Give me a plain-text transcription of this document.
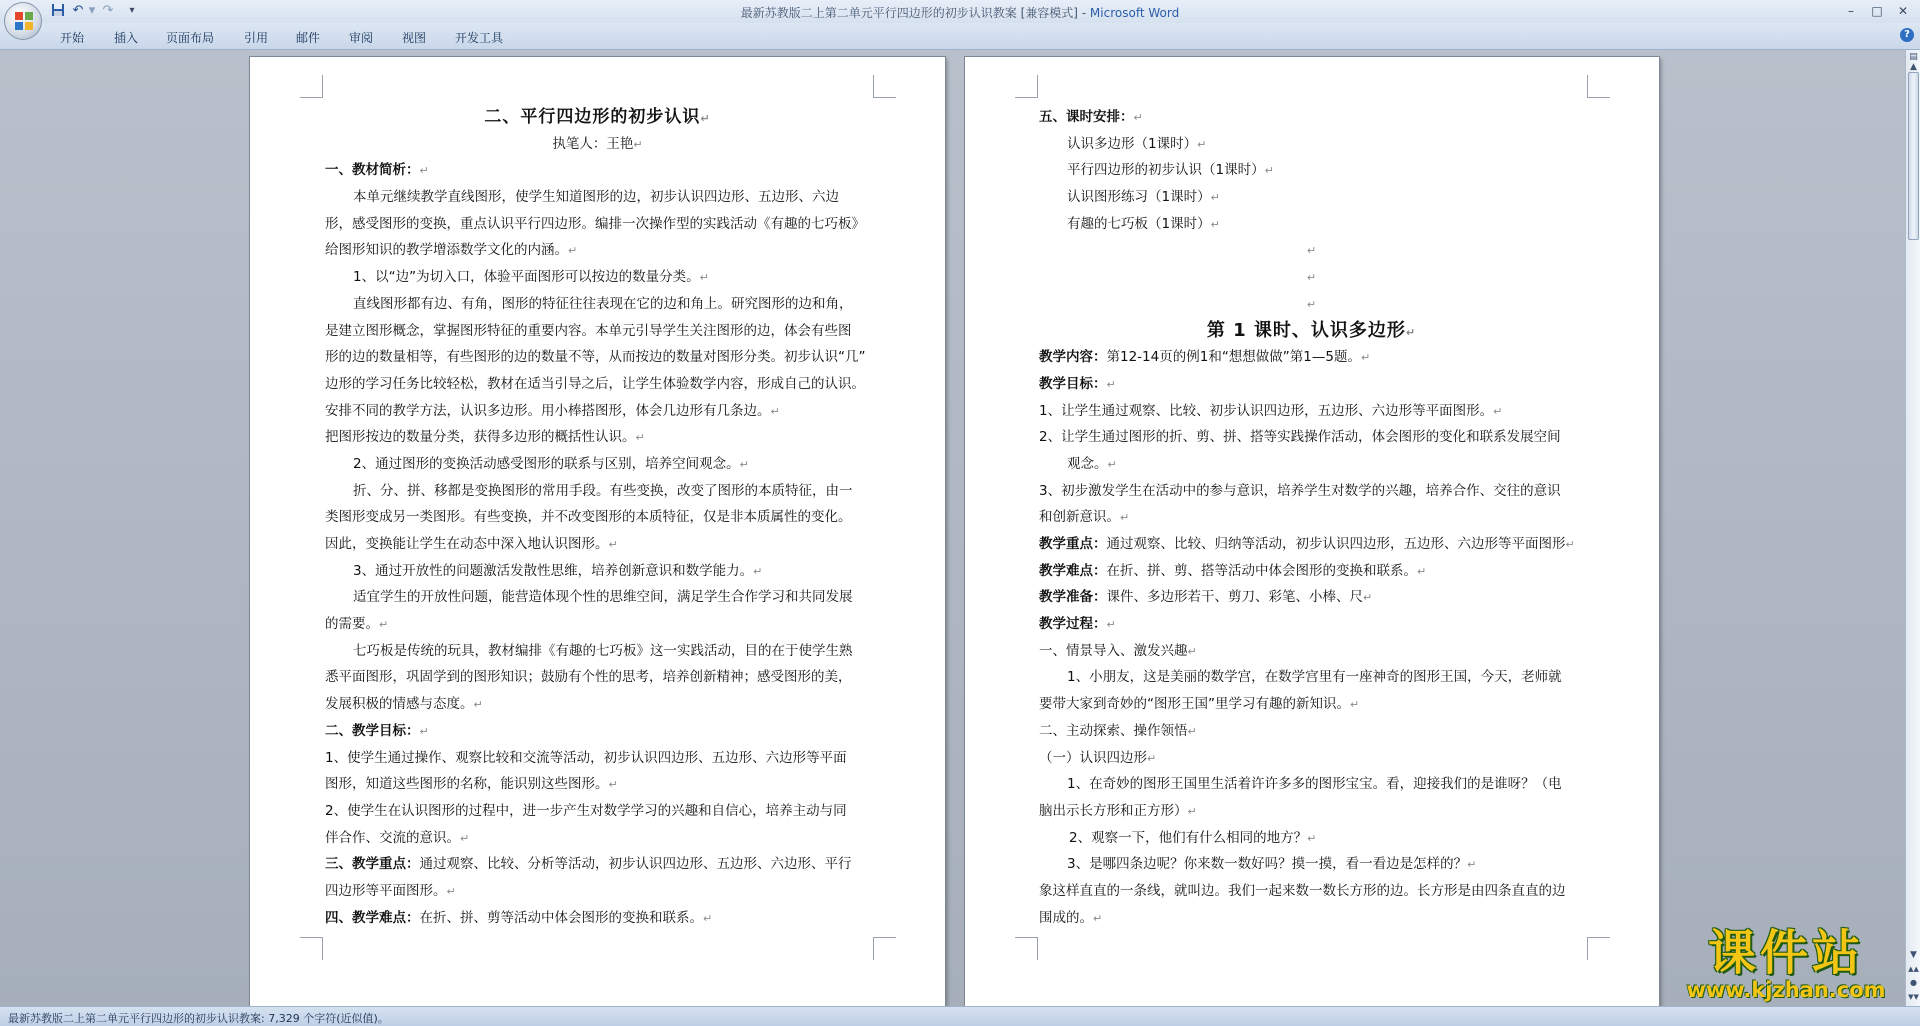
↶ ▾ ↷	▾	最新苏教版二上第二单元平行四边形的初步认识教案 [兼容模式] - Microsoft Word	–	□	✕
开始 插入 页面布局 引用 邮件 审阅 视图 开发工具	?
二、平行四边形的初步认识↵
执笔人：王艳↵
一、教材简析：↵
本单元继续教学直线图形，使学生知道图形的边，初步认识四边形、五边形、六边
形，感受图形的变换，重点认识平行四边形。编排一次操作型的实践活动《有趣的七巧板》
给图形知识的教学增添数学文化的内涵。↵
1、以“边”为切入口，体验平面图形可以按边的数量分类。↵
直线图形都有边、有角，图形的特征往往表现在它的边和角上。研究图形的边和角，
是建立图形概念，掌握图形特征的重要内容。本单元引导学生关注图形的边，体会有些图
形的边的数量相等，有些图形的边的数量不等，从而按边的数量对图形分类。初步认识“几”
边形的学习任务比较轻松，教材在适当引导之后，让学生体验数学内容，形成自己的认识。
安排不同的教学方法，认识多边形。用小棒搭图形，体会几边形有几条边。↵
把图形按边的数量分类，获得多边形的概括性认识。↵
2、通过图形的变换活动感受图形的联系与区别，培养空间观念。↵
折、分、拼、移都是变换图形的常用手段。有些变换，改变了图形的本质特征，由一
类图形变成另一类图形。有些变换，并不改变图形的本质特征，仅是非本质属性的变化。
因此，变换能让学生在动态中深入地认识图形。↵
3、通过开放性的问题激活发散性思维，培养创新意识和数学能力。↵
适宜学生的开放性问题，能营造体现个性的思维空间，满足学生合作学习和共同发展
的需要。↵
七巧板是传统的玩具，教材编排《有趣的七巧板》这一实践活动，目的在于使学生熟
悉平面图形，巩固学到的图形知识；鼓励有个性的思考，培养创新精神；感受图形的美，
发展积极的情感与态度。↵
二、教学目标：↵
1、使学生通过操作、观察比较和交流等活动，初步认识四边形、五边形、六边形等平面
图形，知道这些图形的名称，能识别这些图形。↵
2、使学生在认识图形的过程中，进一步产生对数学学习的兴趣和自信心，培养主动与同
伴合作、交流的意识。↵
三、教学重点：通过观察、比较、分析等活动，初步认识四边形、五边形、六边形、平行
四边形等平面图形。↵
四、教学难点：在折、拼、剪等活动中体会图形的变换和联系。↵
五、课时安排：↵
认识多边形（1课时）↵
平行四边形的初步认识（1课时）↵
认识图形练习（1课时）↵
有趣的七巧板（1课时）↵
↵
↵
↵
第 1 课时、认识多边形↵
教学内容：第12-14页的例1和“想想做做”第1—5题。↵
教学目标：↵
1、让学生通过观察、比较、初步认识四边形，五边形、六边形等平面图形。↵
2、让学生通过图形的折、剪、拼、搭等实践操作活动，体会图形的变化和联系发展空间
观念。↵
3、初步激发学生在活动中的参与意识，培养学生对数学的兴趣，培养合作、交往的意识
和创新意识。↵
教学重点：通过观察、比较、归纳等活动，初步认识四边形，五边形、六边形等平面图形↵
教学难点：在折、拼、剪、搭等活动中体会图形的变换和联系。↵
教学准备：课件、多边形若干、剪刀、彩笔、小棒、尺↵
教学过程：↵
一、情景导入、激发兴趣↵
1、小朋友，这是美丽的数学宫，在数学宫里有一座神奇的图形王国，今天，老师就
要带大家到奇妙的“图形王国”里学习有趣的新知识。↵
二、主动探索、操作领悟↵
（一）认识四边形↵
1、在奇妙的图形王国里生活着许许多多的图形宝宝。看，迎接我们的是谁呀？（电
脑出示长方形和正方形）↵
2、观察一下，他们有什么相同的地方？↵
3、是哪四条边呢？你来数一数好吗？摸一摸，看一看边是怎样的？↵
象这样直直的一条线，就叫边。我们一起来数一数长方形的边。长方形是由四条直直的边
围成的。↵
▤
▲
▼
▲▲
●
▼▼
最新苏教版二上第二单元平行四边形的初步认识教案: 7,329 个字符(近似值)。
课件站
www.kjzhan.com
